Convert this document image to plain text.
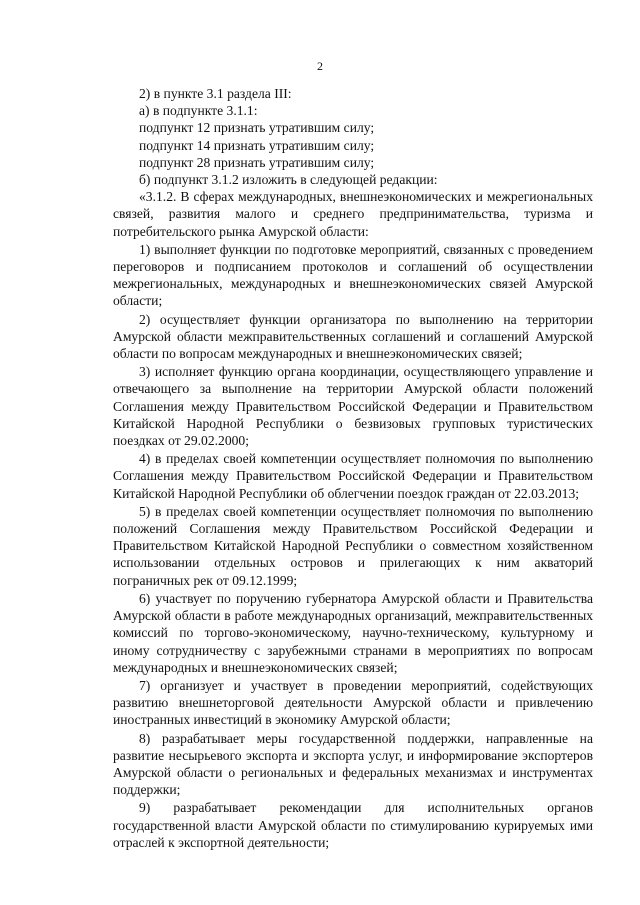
2

2) в пункте 3.1 раздела III:

а) в подпункте 3.1.1:

подпункт 12 признать утратившим силу;

подпункт 14 признать утратившим силу;

подпункт 28 признать утратившим силу;

б) подпункт 3.1.2 изложить в следующей редакции:

«3.1.2. В сферах международных, внешнеэкономических и межрегиональных связей, развития малого и среднего предпринимательства, туризма и потребительского рынка Амурской области:

1) выполняет функции по подготовке мероприятий, связанных с проведением переговоров и подписанием протоколов и соглашений об осуществлении межрегиональных, международных и внешнеэкономических связей Амурской области;

2) осуществляет функции организатора по выполнению на территории Амурской области межправительственных соглашений и соглашений Амурской области по вопросам международных и внешнеэкономических связей;

3) исполняет функцию органа координации, осуществляющего управление и отвечающего за выполнение на территории Амурской области положений Соглашения между Правительством Российской Федерации и Правительством Китайской Народной Республики о безвизовых групповых туристических поездках от 29.02.2000;

4) в пределах своей компетенции осуществляет полномочия по выполнению Соглашения между Правительством Российской Федерации и Правительством Китайской Народной Республики об облегчении поездок граждан от 22.03.2013;

5) в пределах своей компетенции осуществляет полномочия по выполнению положений Соглашения между Правительством Российской Федерации и Правительством Китайской Народной Республики о совместном хозяйственном использовании отдельных островов и прилегающих к ним акваторий пограничных рек от 09.12.1999;

6) участвует по поручению губернатора Амурской области и Правительства Амурской области в работе международных организаций, межправительственных комиссий по торгово-экономическому, научно-техническому, культурному и иному сотрудничеству с зарубежными странами в мероприятиях по вопросам международных и внешнеэкономических связей;

7) организует и участвует в проведении мероприятий, содействующих развитию внешнеторговой деятельности Амурской области и привлечению иностранных инвестиций в экономику Амурской области;

8) разрабатывает меры государственной поддержки, направленные на развитие несырьевого экспорта и экспорта услуг, и информирование экспортеров Амурской области о региональных и федеральных механизмах и инструментах поддержки;

9) разрабатывает рекомендации для исполнительных органов государственной власти Амурской области по стимулированию курируемых ими отраслей к экспортной деятельности;
